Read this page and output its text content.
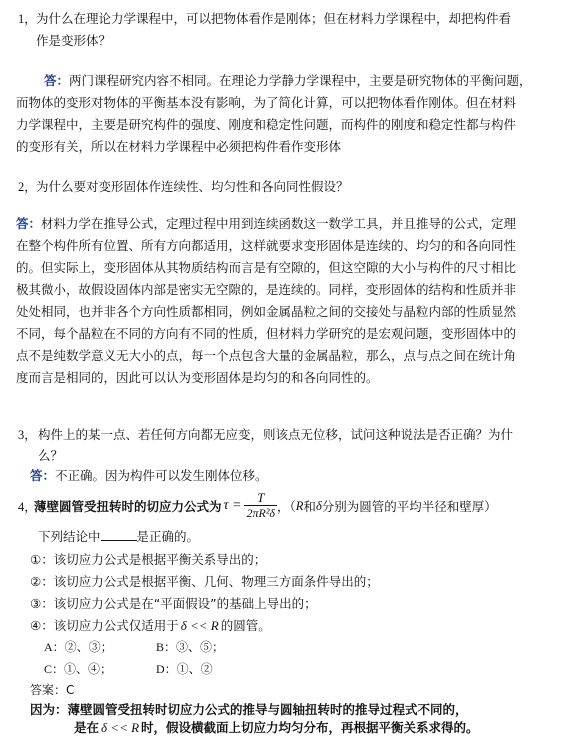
1， 为什么在理论力学课程中，可以把物体看作是刚体；但在材料力学课程中，却把构件看
作是变形体？
答：两门课程研究内容不相同。在理论力学静力学课程中，主要是研究物体的平衡问题，
而物体的变形对物体的平衡基本没有影响，为了简化计算，可以把物体看作刚体。但在材料
力学课程中，主要是研究构件的强度、刚度和稳定性问题，而构件的刚度和稳定性都与构件
的变形有关，所以在材料力学课程中必须把构件看作变形体
2， 为什么要对变形固体作连续性、均匀性和各向同性假设？
答：材料力学在推导公式，定理过程中用到连续函数这一数学工具，并且推导的公式，定理
在整个构件所有位置、所有方向都适用，这样就要求变形固体是连续的、均匀的和各向同性
的。但实际上，变形固体从其物质结构而言是有空隙的，但这空隙的大小与构件的尺寸相比
极其微小，故假设固体内部是密实无空隙的，是连续的。同样，变形固体的结构和性质并非
处处相同，也并非各个方向性质都相同，例如金属晶粒之间的交接处与晶粒内部的性质显然
不同，每个晶粒在不同的方向有不同的性质，但材料力学研究的是宏观问题，变形固体中的
点不是纯数学意义无大小的点，每一个点包含大量的金属晶粒，那么，点与点之间在统计角
度而言是相同的，因此可以认为变形固体是均匀的和各向同性的。
3， 构件上的某一点、若任何方向都无应变，则该点无位移，试问这种说法是否正确？为什
么？
答：不正确。因为构件可以发生刚体位移。
4，
薄壁圆管受扭转时的切应力公式为 $\tau = \frac{T}{\text{2πR²δ}}$ ，（ R 和 δ 分别为圆管的平均半径和壁厚）
下列结论中	是正确的。
①：该切应力公式是根据平衡关系导出的；
②：该切应力公式是根据平衡、几何、物理三方面条件导出的；
③：该切应力公式是在“平面假设”的基础上导出的；
④：该切应力公式仅适用于 δ << R 的圆管。
A：②、③；	B：③、⑤；
C：①、④；	D：①、②
答案：C
因为：薄壁圆管受扭转时切应力公式的推导与圆轴扭转时的推导过程式不同的，
是在 δ << R 时，假设横截面上切应力均匀分布，再根据平衡关系求得的。
